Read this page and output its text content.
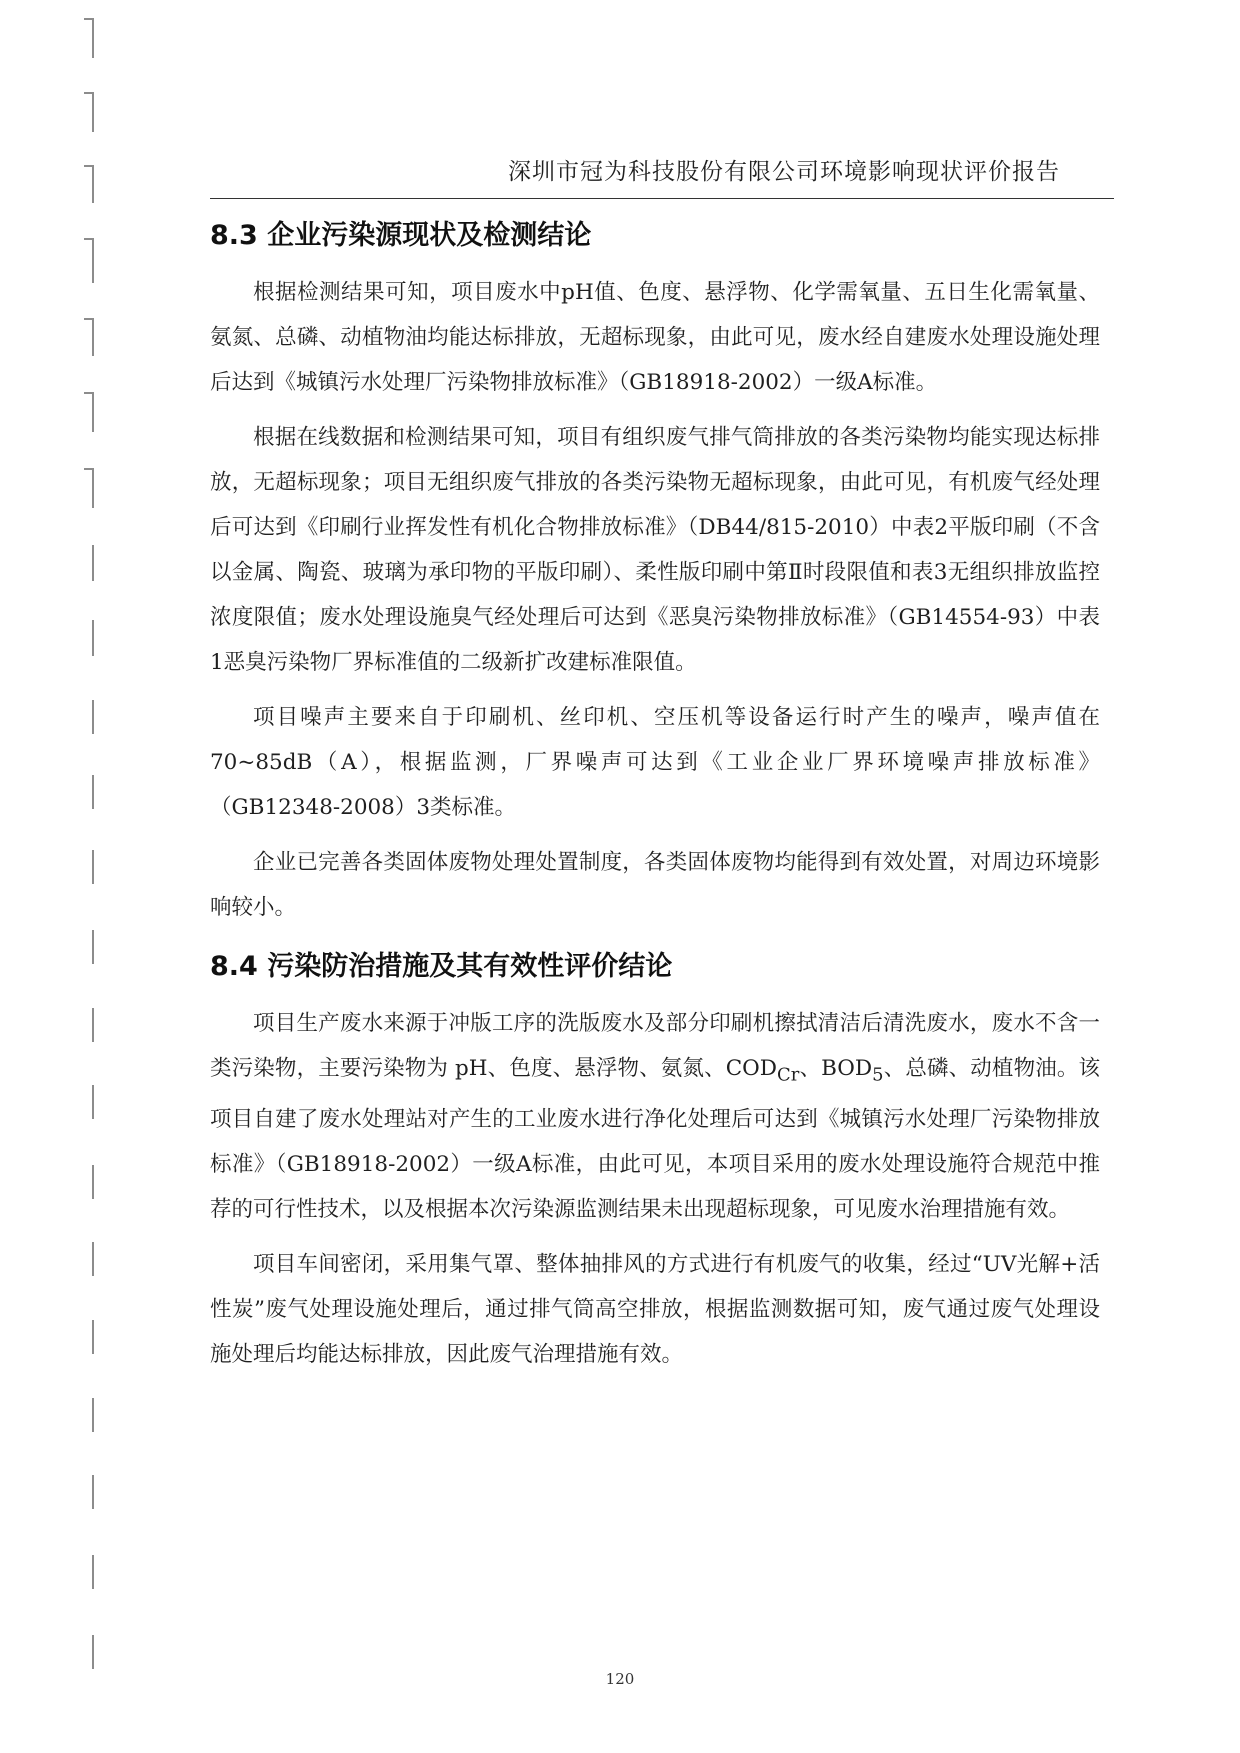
深圳市冠为科技股份有限公司环境影响现状评价报告
8.3 企业污染源现状及检测结论

根据检测结果可知，项目废水中pH值、色度、悬浮物、化学需氧量、五日生化需氧量、氨氮、总磷、动植物油均能达标排放，无超标现象，由此可见，废水经自建废水处理设施处理后达到《城镇污水处理厂污染物排放标准》（GB18918-2002）一级A标准。

根据在线数据和检测结果可知，项目有组织废气排气筒排放的各类污染物均能实现达标排放，无超标现象；项目无组织废气排放的各类污染物无超标现象，由此可见，有机废气经处理后可达到《印刷行业挥发性有机化合物排放标准》（DB44/815-2010）中表2平版印刷（不含以金属、陶瓷、玻璃为承印物的平版印刷）、柔性版印刷中第Ⅱ时段限值和表3无组织排放监控浓度限值；废水处理设施臭气经处理后可达到《恶臭污染物排放标准》（GB14554-93）中表1恶臭污染物厂界标准值的二级新扩改建标准限值。

项目噪声主要来自于印刷机、丝印机、空压机等设备运行时产生的噪声，噪声值在 70~85dB（A），根据监测，厂界噪声可达到《工业企业厂界环境噪声排放标准》（GB12348-2008）3类标准。

企业已完善各类固体废物处理处置制度，各类固体废物均能得到有效处置，对周边环境影响较小。

8.4 污染防治措施及其有效性评价结论

项目生产废水来源于冲版工序的洗版废水及部分印刷机擦拭清洁后清洗废水，废水不含一类污染物，主要污染物为 pH、色度、悬浮物、氨氮、$COD_{Cr}$、$BOD_5$、总磷、动植物油。该项目自建了废水处理站对产生的工业废水进行净化处理后可达到《城镇污水处理厂污染物排放标准》（GB18918-2002）一级A标准，由此可见，本项目采用的废水处理设施符合规范中推荐的可行性技术，以及根据本次污染源监测结果未出现超标现象，可见废水治理措施有效。

项目车间密闭，采用集气罩、整体抽排风的方式进行有机废气的收集，经过“UV光解+活性炭”废气处理设施处理后，通过排气筒高空排放，根据监测数据可知，废气通过废气处理设施处理后均能达标排放，因此废气治理措施有效。

120
